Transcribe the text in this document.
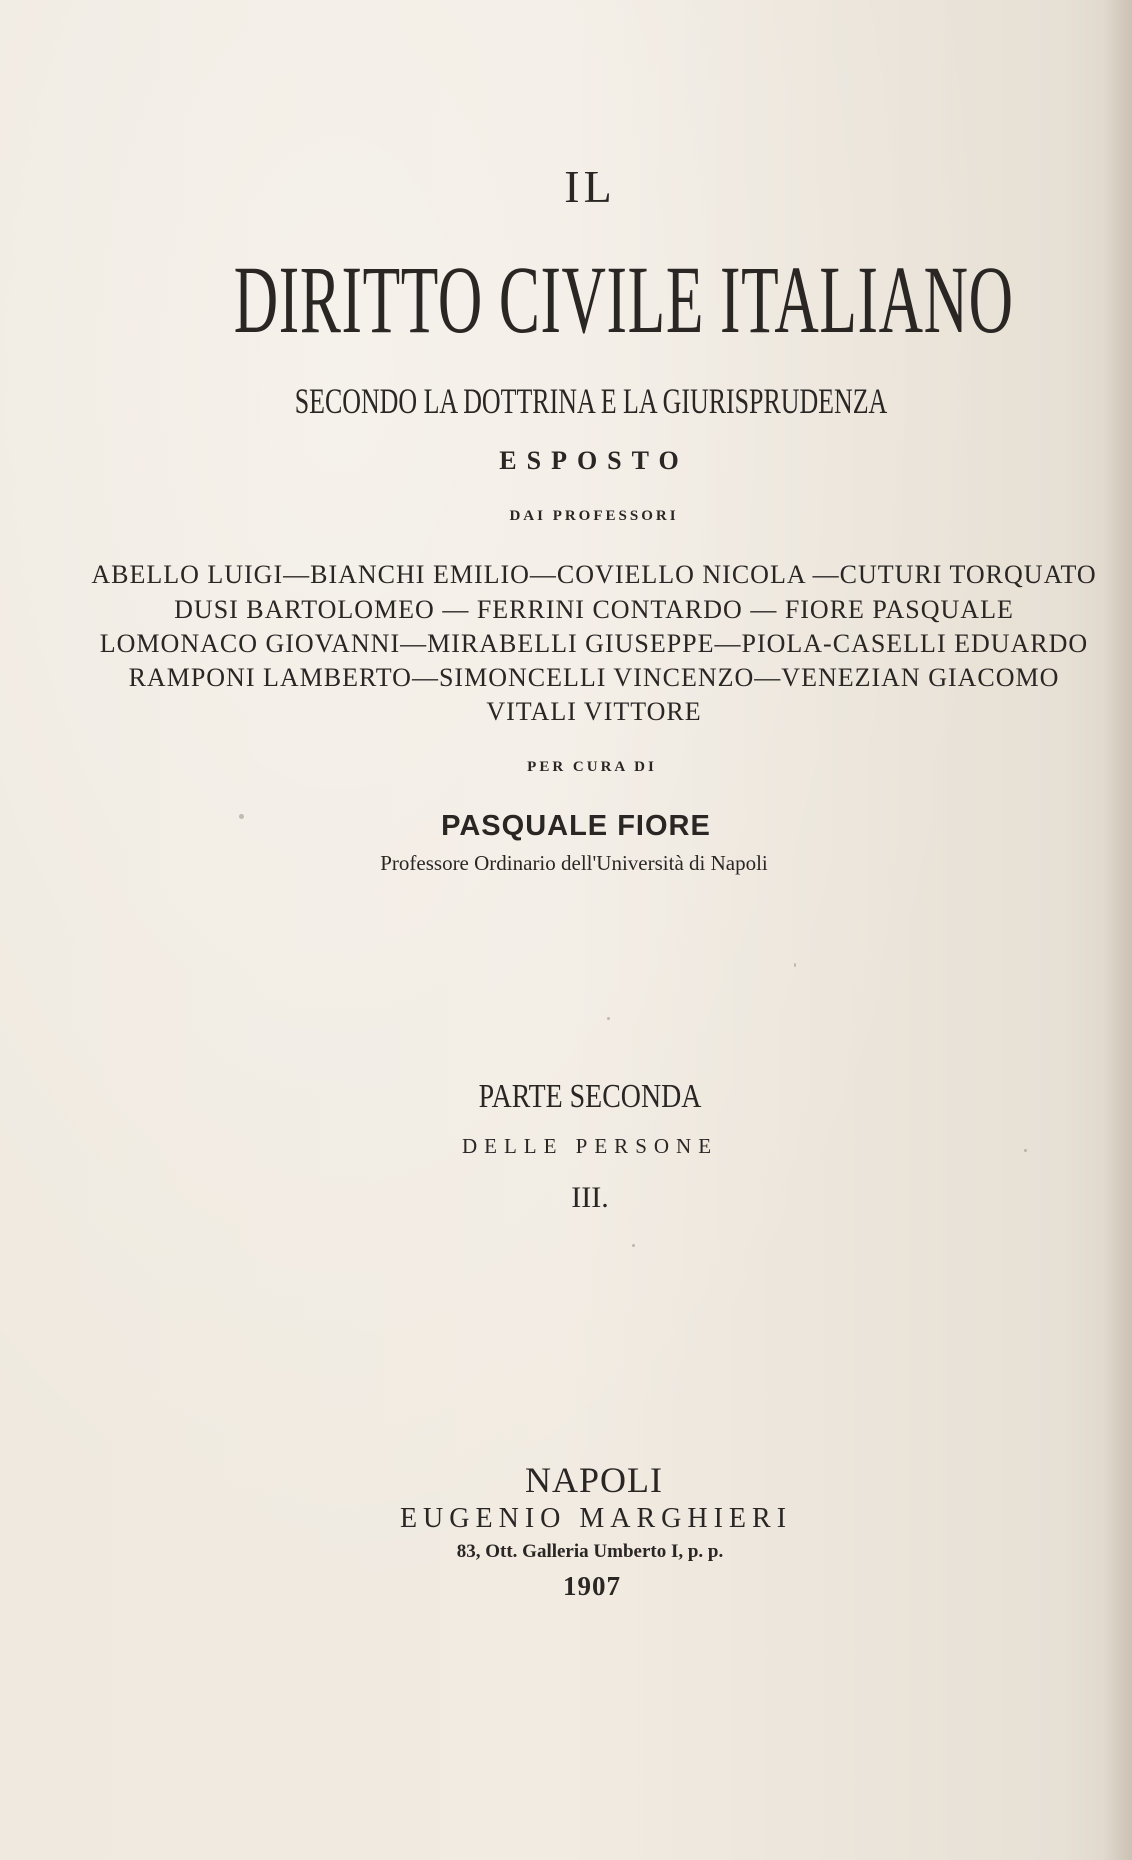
IL
DIRITTO CIVILE ITALIANO
SECONDO LA DOTTRINA E LA GIURISPRUDENZA
ESPOSTO
DAI PROFESSORI
ABELLO LUIGI—BIANCHI EMILIO—COVIELLO NICOLA —CUTURI TORQUATO
DUSI BARTOLOMEO — FERRINI CONTARDO — FIORE PASQUALE
LOMONACO GIOVANNI—MIRABELLI GIUSEPPE—PIOLA-CASELLI EDUARDO
RAMPONI LAMBERTO—SIMONCELLI VINCENZO—VENEZIAN GIACOMO
VITALI VITTORE
PER CURA DI
PASQUALE FIORE
Professore Ordinario dell'Università di Napoli
PARTE SECONDA
DELLE PERSONE
III.
NAPOLI
EUGENIO MARGHIERI
83, Ott. Galleria Umberto I, p. p.
1907
